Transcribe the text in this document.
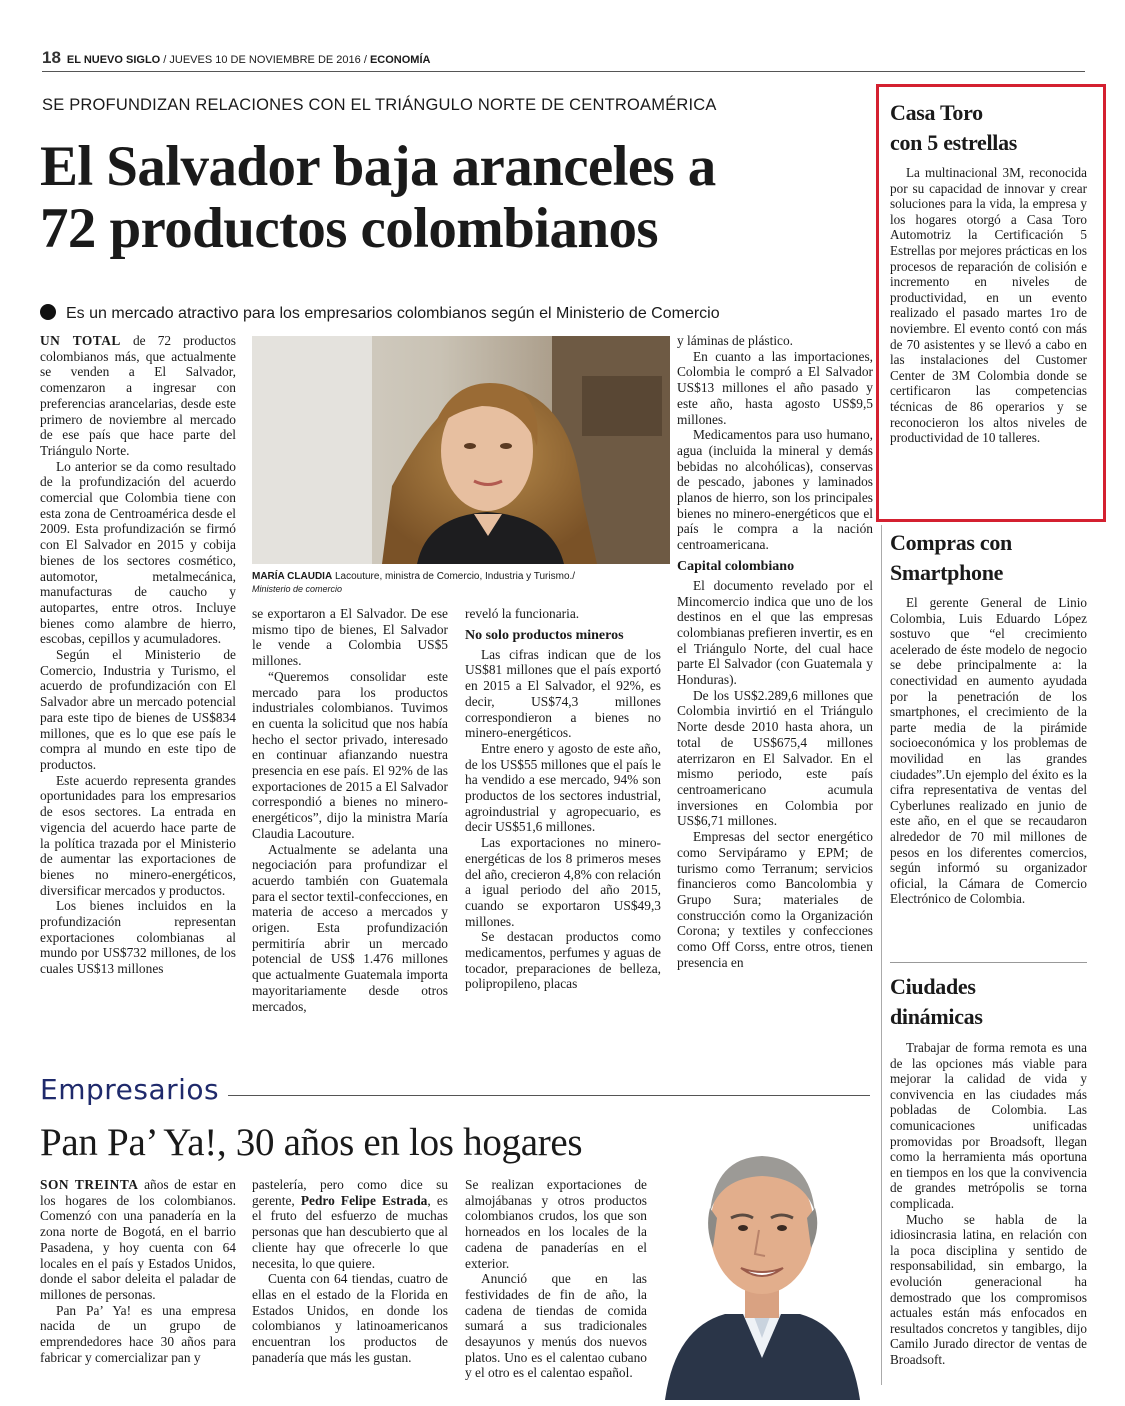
18 EL NUEVO SIGLO / JUEVES 10 DE NOVIEMBRE DE 2016 / ECONOMÍA
SE PROFUNDIZAN RELACIONES CON EL TRIÁNGULO NORTE DE CENTROAMÉRICA
El Salvador baja aranceles a
72 productos colombianos
Es un mercado atractivo para los empresarios colombianos según el Ministerio de Comercio

UN TOTAL de 72 productos colombianos más, que actualmente se venden a El Salvador, comenzaron a ingresar con preferencias arancelarias, desde este primero de noviembre al mercado de ese país que hace parte del Triángulo Norte.

Lo anterior se da como resultado de la profundización del acuerdo comercial que Colombia tiene con esta zona de Centroamérica desde el 2009. Esta profundización se firmó con El Salvador en 2015 y cobija bienes de los sectores cosmético, automotor, metalmecánica, manufacturas de caucho y autopartes, entre otros. Incluye bienes como alambre de hierro, escobas, cepillos y acumuladores.

Según el Ministerio de Comercio, Industria y Turismo, el acuerdo de profundización con El Salvador abre un mercado potencial para este tipo de bienes de US$834 millones, que es lo que ese país le compra al mundo en este tipo de productos.

Este acuerdo representa grandes oportunidades para los empresarios de esos sectores. La entrada en vigencia del acuerdo hace parte de la política trazada por el Ministerio de aumentar las exportaciones de bienes no minero-energéticos, diversificar mercados y productos.

Los bienes incluidos en la profundización representan exportaciones colombianas al mundo por US$732 millones, de los cuales US$13 millones

MARÍA CLAUDIA Lacouture, ministra de Comercio, Industria y Turismo./
Ministerio de comercio

se exportaron a El Salvador. De ese mismo tipo de bienes, El Salvador le vende a Colombia US$5 millones.

“Queremos consolidar este mercado para los productos industriales colombianos. Tuvimos en cuenta la solicitud que nos había hecho el sector privado, interesado en continuar afianzando nuestra presencia en ese país. El 92% de las exportaciones de 2015 a El Salvador correspondió a bienes no minero-energéticos”, dijo la ministra María Claudia Lacouture.

Actualmente se adelanta una negociación para profundizar el acuerdo también con Guatemala para el sector textil-confecciones, en materia de acceso a mercados y origen. Esta profundización permitiría abrir un mercado potencial de US$ 1.476 millones que actualmente Guatemala importa mayoritariamente desde otros mercados,

reveló la funcionaria.

No solo productos mineros

Las cifras indican que de los US$81 millones que el país exportó en 2015 a El Salvador, el 92%, es decir, US$74,3 millones correspondieron a bienes no minero-energéticos.

Entre enero y agosto de este año, de los US$55 millones que el país le ha vendido a ese mercado, 94% son productos de los sectores industrial, agroindustrial y agropecuario, es decir US$51,6 millones.

Las exportaciones no minero-energéticas de los 8 primeros meses del año, crecieron 4,8% con relación a igual periodo del año 2015, cuando se exportaron US$49,3 millones.

Se destacan productos como medicamentos, perfumes y aguas de tocador, preparaciones de belleza, polipropileno, placas

y láminas de plástico.

En cuanto a las importaciones, Colombia le compró a El Salvador US$13 millones el año pasado y este año, hasta agosto US$9,5 millones.

Medicamentos para uso humano, agua (incluida la mineral y demás bebidas no alcohólicas), conservas de pescado, jabones y laminados planos de hierro, son los principales bienes no minero-energéticos que el país le compra a la nación centroamericana.

Capital colombiano

El documento revelado por el Mincomercio indica que uno de los destinos en el que las empresas colombianas prefieren invertir, es en el Triángulo Norte, del cual hace parte El Salvador (con Guatemala y Honduras).

De los US$2.289,6 millones que Colombia invirtió en el Triángulo Norte desde 2010 hasta ahora, un total de US$675,4 millones aterrizaron en El Salvador. En el mismo periodo, este país centroamericano acumula inversiones en Colombia por US$6,71 millones.

Empresas del sector energético como Servipáramo y EPM; de turismo como Terranum; servicios financieros como Bancolombia y Grupo Sura; materiales de construcción como la Organización Corona; y textiles y confecciones como Off Corss, entre otros, tienen presencia en

Casa Toro
con 5 estrellas

La multinacional 3M, reconocida por su capacidad de innovar y crear soluciones para la vida, la empresa y los hogares otorgó a Casa Toro Automotriz la Certificación 5 Estrellas por mejores prácticas en los procesos de reparación de colisión e incremento en niveles de productividad, en un evento realizado el pasado martes 1ro de noviembre. El evento contó con más de 70 asistentes y se llevó a cabo en las instalaciones del Customer Center de 3M Colombia donde se certificaron las competencias técnicas de 86 operarios y se reconocieron los altos niveles de productividad de 10 talleres.

Compras con
Smartphone

El gerente General de Linio Colombia, Luis Eduardo López sostuvo que “el crecimiento acelerado de éste modelo de negocio se debe principalmente a: la conectividad en aumento ayudada por la penetración de los smartphones, el crecimiento de la parte media de la pirámide socioeconómica y los problemas de movilidad en las grandes ciudades”.Un ejemplo del éxito es la cifra representativa de ventas del Cyberlunes realizado en junio de este año, en el que se recaudaron alrededor de 70 mil millones de pesos en los diferentes comercios, según informó su organizador oficial, la Cámara de Comercio Electrónico de Colombia.

Ciudades
dinámicas

Trabajar de forma remota es una de las opciones más viable para mejorar la calidad de vida y convivencia en las ciudades más pobladas de Colombia. Las comunicaciones unificadas promovidas por Broadsoft, llegan como la herramienta más oportuna en tiempos en los que la convivencia de grandes metrópolis se torna complicada.

Mucho se habla de la idiosincrasia latina, en relación con la poca disciplina y sentido de responsabilidad, sin embargo, la evolución generacional ha demostrado que los compromisos actuales están más enfocados en resultados concretos y tangibles, dijo Camilo Jurado director de ventas de Broadsoft.

Empresarios
Pan Pa’ Ya!, 30 años en los hogares

SON TREINTA años de estar en los hogares de los colombianos. Comenzó con una panadería en la zona norte de Bogotá, en el barrio Pasadena, y hoy cuenta con 64 locales en el país y Estados Unidos, donde el sabor deleita el paladar de millones de personas.

Pan Pa’ Ya! es una empresa nacida de un grupo de emprendedores hace 30 años para fabricar y comercializar pan y

pastelería, pero como dice su gerente, Pedro Felipe Estrada, es el fruto del esfuerzo de muchas personas que han descubierto que al cliente hay que ofrecerle lo que necesita, lo que quiere.

Cuenta con 64 tiendas, cuatro de ellas en el estado de la Florida en Estados Unidos, en donde los colombianos y latinoamericanos encuentran los productos de panadería que más les gustan.

Se realizan exportaciones de almojábanas y otros productos colombianos crudos, los que son horneados en los locales de la cadena de panaderías en el exterior.

Anunció que en las festividades de fin de año, la cadena de tiendas de comida sumará a sus tradicionales desayunos y menús dos nuevos platos. Uno es el calentao cubano y el otro es el calentao español.
